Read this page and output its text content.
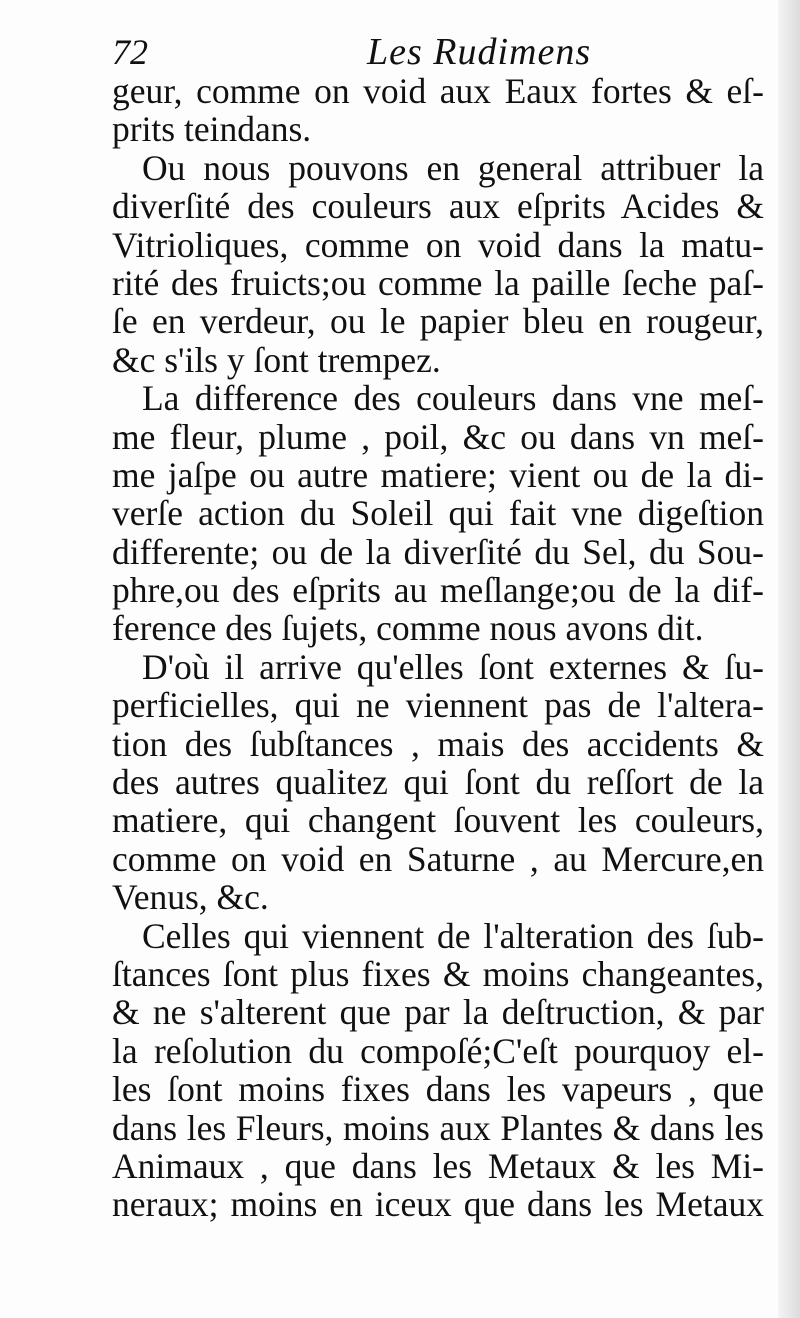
72	Les Rudimens
geur, comme on void aux Eaux fortes & eſ-
prits teindans.
Ou nous pouvons en general attribuer la
diverſité des couleurs aux eſprits Acides &
Vitrioliques, comme on void dans la matu-
rité des fruicts;ou comme la paille ſeche paſ-
ſe en verdeur, ou le papier bleu en rougeur,
&c s'ils y ſont trempez.
La difference des couleurs dans vne meſ-
me fleur, plume , poil, &c ou dans vn meſ-
me jaſpe ou autre matiere; vient ou de la di-
verſe action du Soleil qui fait vne digeſtion
differente; ou de la diverſité du Sel, du Sou-
phre,ou des eſprits au meſlange;ou de la dif-
ference des ſujets, comme nous avons dit.
D'où il arrive qu'elles ſont externes & ſu-
perficielles, qui ne viennent pas de l'altera-
tion des ſubſtances , mais des accidents &
des autres qualitez qui ſont du reſſort de la
matiere, qui changent ſouvent les couleurs,
comme on void en Saturne , au Mercure,en
Venus, &c.
Celles qui viennent de l'alteration des ſub-
ſtances ſont plus fixes & moins changeantes,
& ne s'alterent que par la deſtruction, & par
la reſolution du compoſé;C'eſt pourquoy el-
les ſont moins fixes dans les vapeurs , que
dans les Fleurs, moins aux Plantes & dans les
Animaux , que dans les Metaux & les Mi-
neraux; moins en iceux que dans les Metaux
